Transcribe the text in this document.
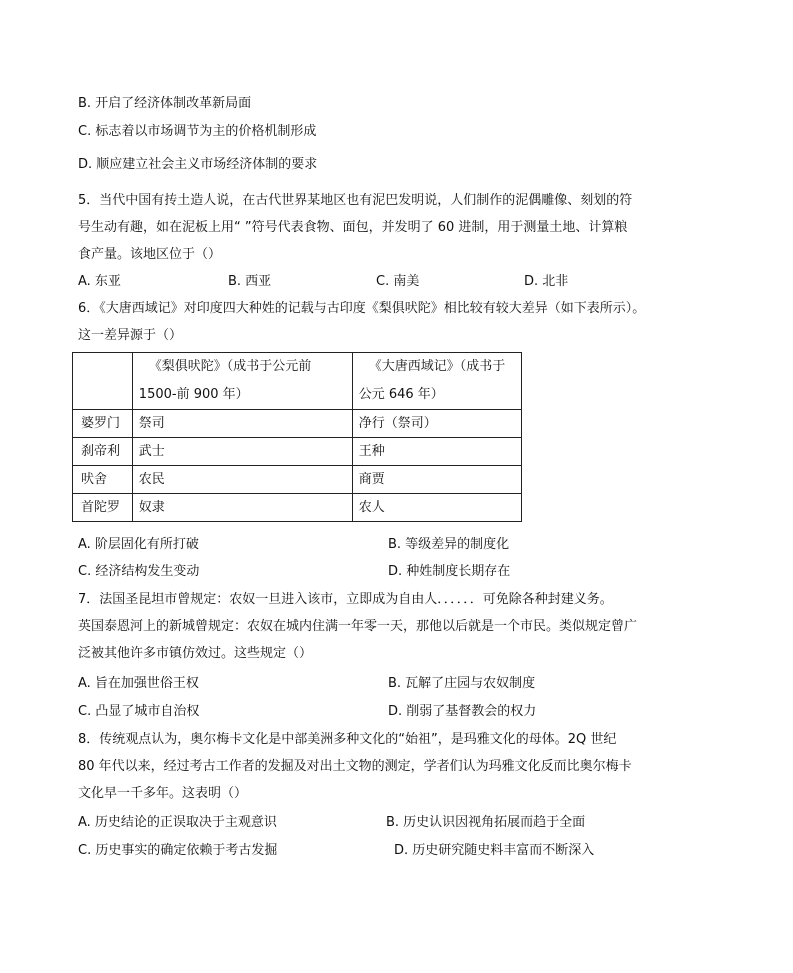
B. 开启了经济体制改革新局面
C. 标志着以市场调节为主的价格机制形成
D. 顺应建立社会主义市场经济体制的要求
5．当代中国有抟土造人说，在古代世界某地区也有泥巴发明说，人们制作的泥偶雕像、刻划的符
号生动有趣，如在泥板上用“ ”符号代表食物、面包，并发明了 60 进制，用于测量土地、计算粮
食产量。该地区位于（）
A. 东亚	B. 西亚	C. 南美	D. 北非
6．《大唐西域记》对印度四大种姓的记载与古印度《梨俱吠陀》相比较有较大差异（如下表所示）。
这一差异源于（）

	《梨俱吠陀》（成书于公元前
1500-前 900 年）	《大唐西域记》（成书于
公元 646 年）

婆罗门	祭司	净行（祭司）
刹帝利	武士	王种
吠舍	农民	商贾
首陀罗	奴隶	农人
A. 阶层固化有所打破	B. 等级差异的制度化
C. 经济结构发生变动	D. 种姓制度长期存在
7．法国圣昆坦市曾规定：农奴一旦进入该市，立即成为自由人．．．．．．可免除各种封建义务。
英国泰恩河上的新城曾规定：农奴在城内住满一年零一天，那他以后就是一个市民。类似规定曾广
泛被其他许多市镇仿效过。这些规定（）
A. 旨在加强世俗王权	B. 瓦解了庄园与农奴制度
C. 凸显了城市自治权	D. 削弱了基督教会的权力
8．传统观点认为，奥尔梅卡文化是中部美洲多种文化的“始祖”，是玛雅文化的母体。2Q 世纪
80 年代以来，经过考古工作者的发掘及对出土文物的测定，学者们认为玛雅文化反而比奥尔梅卡
文化早一千多年。这表明（）
A. 历史结论的正误取决于主观意识	B. 历史认识因视角拓展而趋于全面
C. 历史事实的确定依赖于考古发掘	D. 历史研究随史料丰富而不断深入
